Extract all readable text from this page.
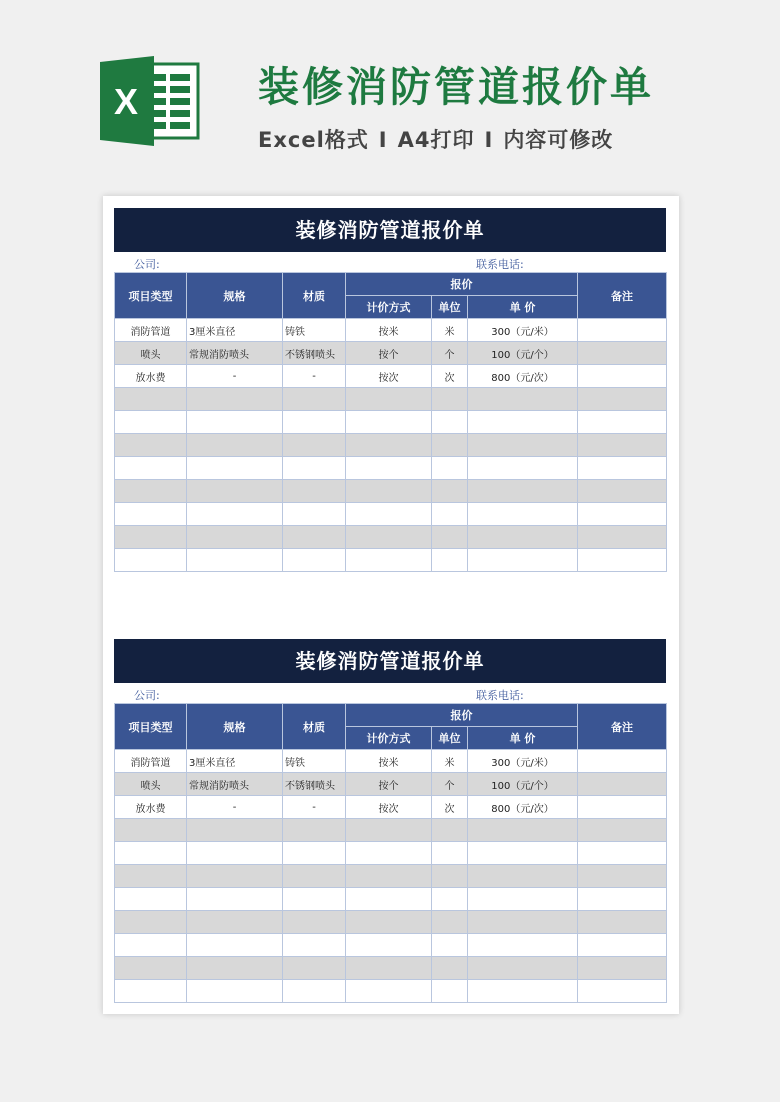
X	装修消防管道报价单
Excel格式 I A4打印 I 内容可修改
装修消防管道报价单
公司:	联系电话:
项目类型	规格	材质	报价			备注
			计价方式	单位	单 价	
消防管道	3厘米直径	铸铁	按米	米	300（元/米）	
喷头	常规消防喷头	不锈钢喷头	按个	个	100（元/个）	
放水费	-	-	按次	次	800（元/次）	

装修消防管道报价单
公司:	联系电话:
项目类型	规格	材质	报价			备注
			计价方式	单位	单 价	
消防管道	3厘米直径	铸铁	按米	米	300（元/米）	
喷头	常规消防喷头	不锈钢喷头	按个	个	100（元/个）	
放水费	-	-	按次	次	800（元/次）	
